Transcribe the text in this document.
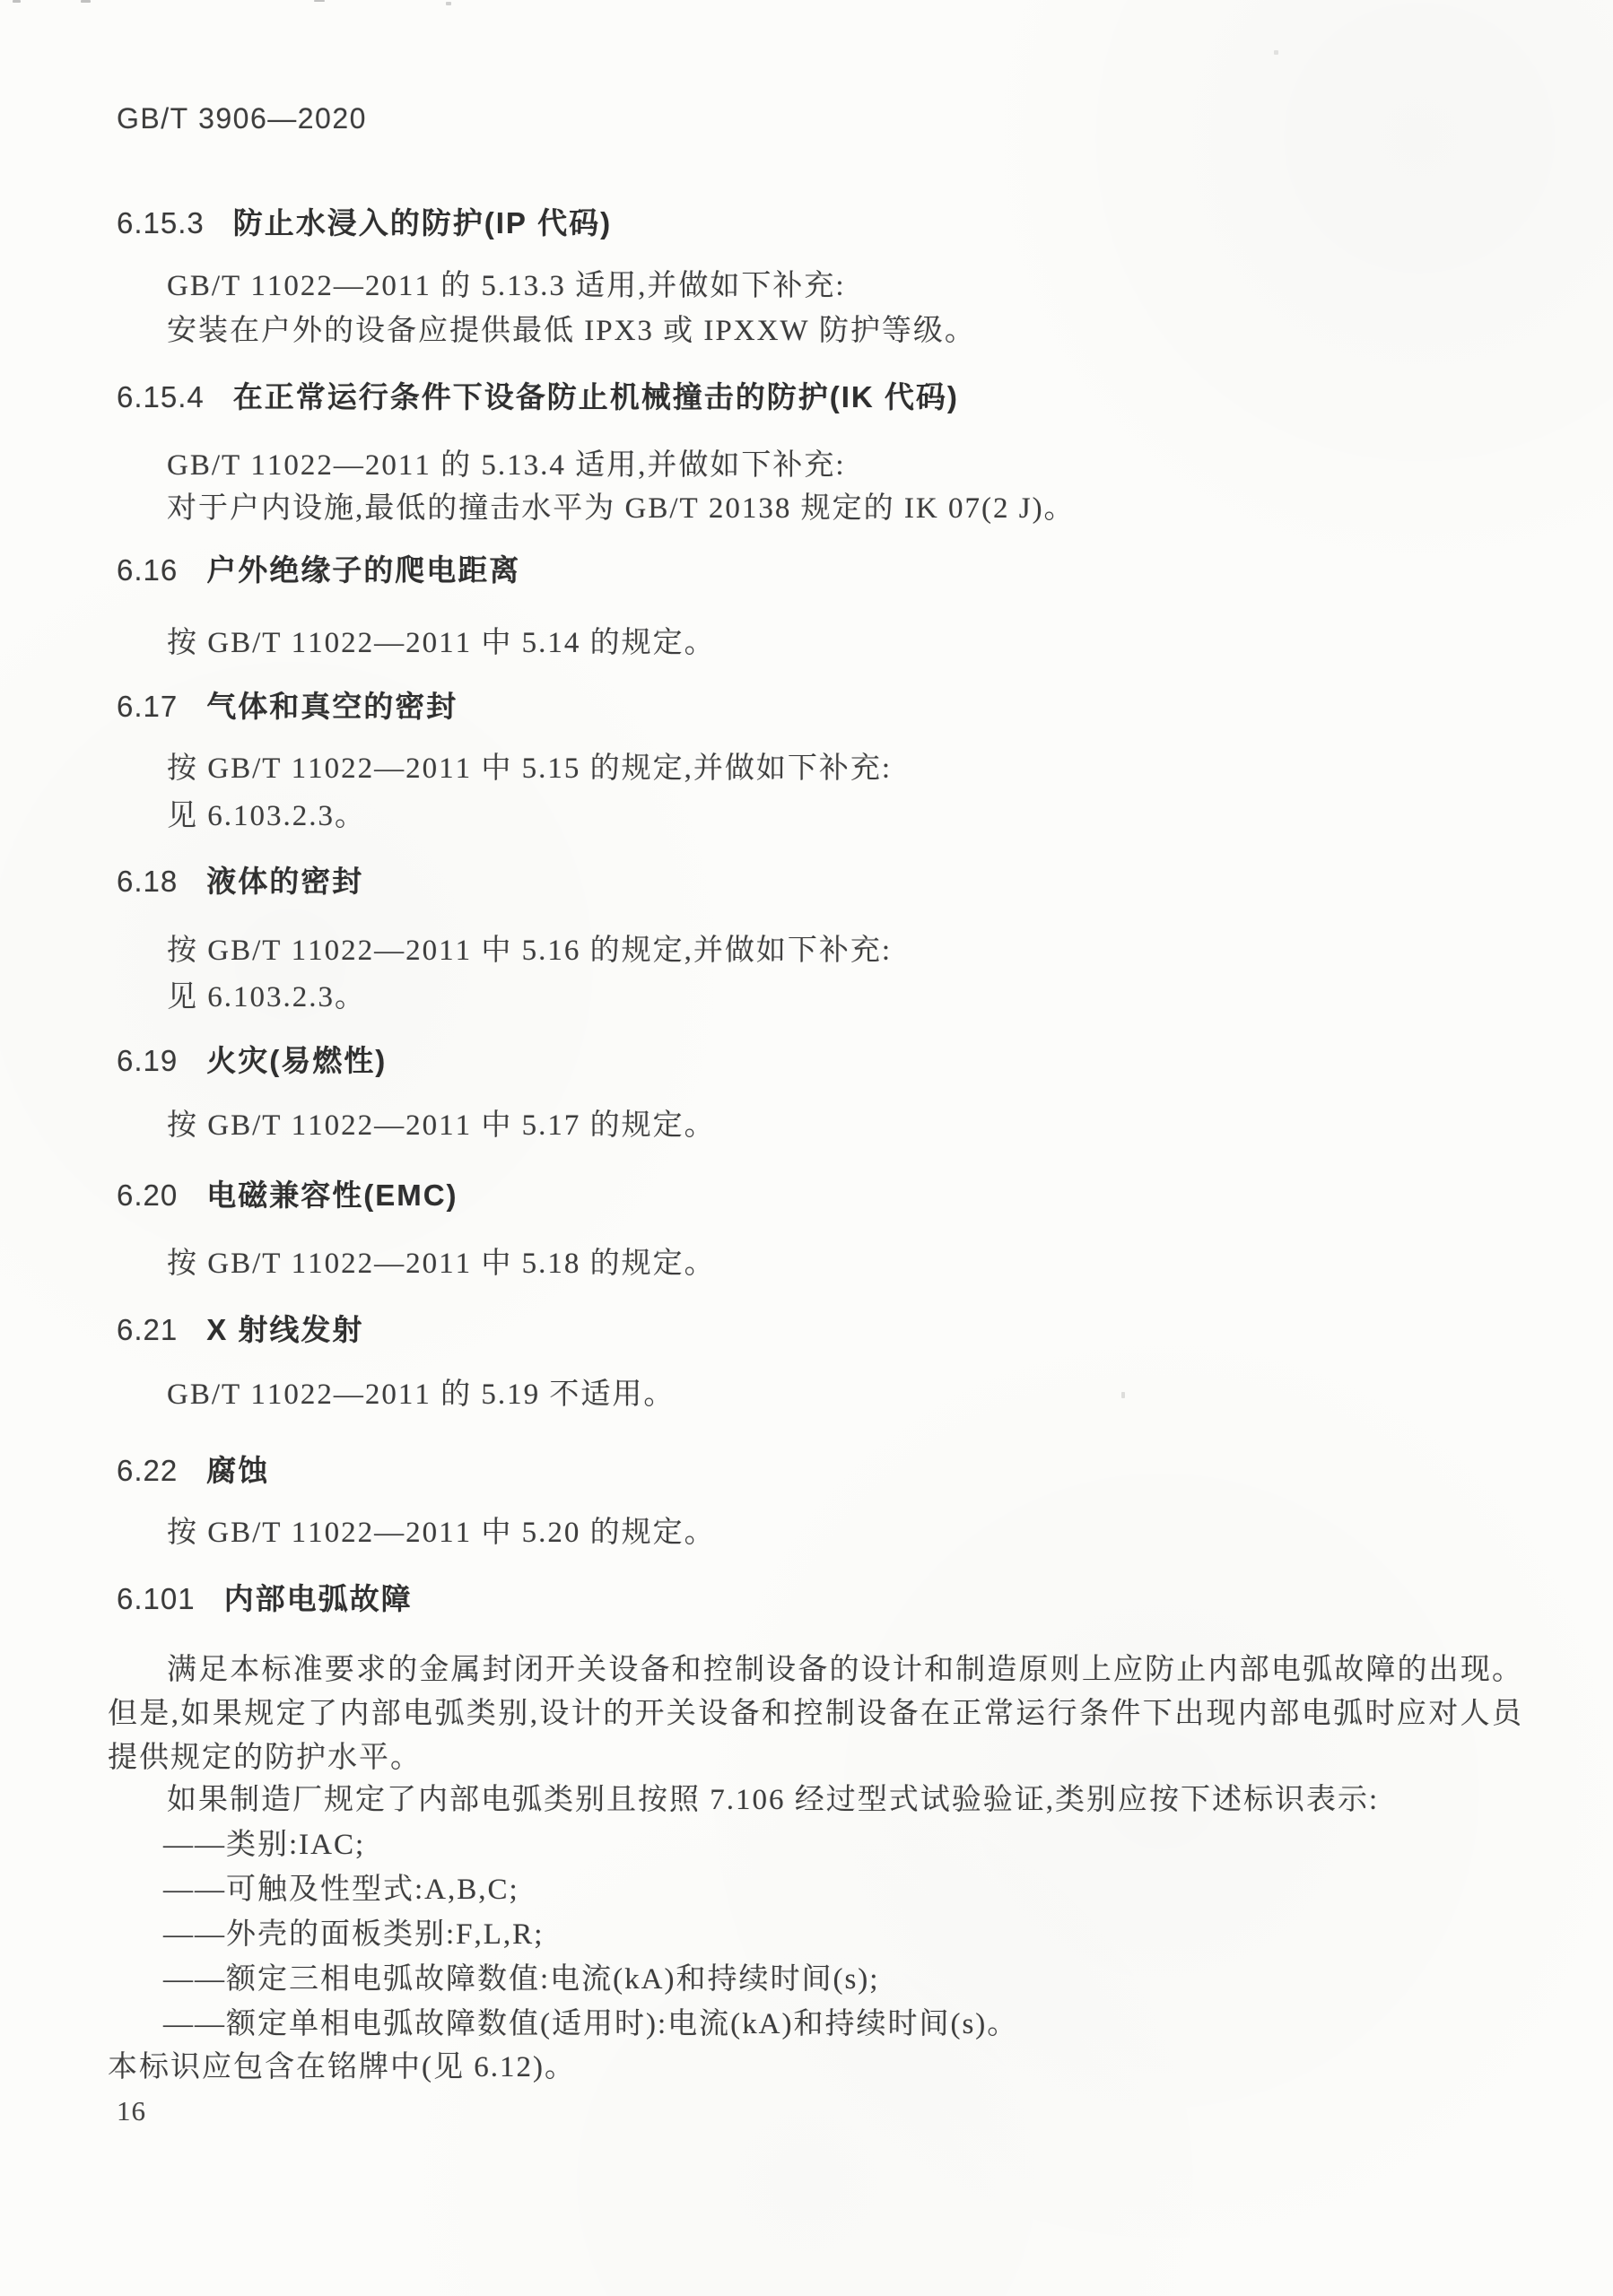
GB/T 3906—2020
6.15.3 防止水浸入的防护(IP 代码)
GB/T 11022—2011 的 5.13.3 适用,并做如下补充:
安装在户外的设备应提供最低 IPX3 或 IPXXW 防护等级。
6.15.4 在正常运行条件下设备防止机械撞击的防护(IK 代码)
GB/T 11022—2011 的 5.13.4 适用,并做如下补充:
对于户内设施,最低的撞击水平为 GB/T 20138 规定的 IK 07(2 J)。
6.16 户外绝缘子的爬电距离
按 GB/T 11022—2011 中 5.14 的规定。
6.17 气体和真空的密封
按 GB/T 11022—2011 中 5.15 的规定,并做如下补充:
见 6.103.2.3。
6.18 液体的密封
按 GB/T 11022—2011 中 5.16 的规定,并做如下补充:
见 6.103.2.3。
6.19 火灾(易燃性)
按 GB/T 11022—2011 中 5.17 的规定。
6.20 电磁兼容性(EMC)
按 GB/T 11022—2011 中 5.18 的规定。
6.21 X 射线发射
GB/T 11022—2011 的 5.19 不适用。
6.22 腐蚀
按 GB/T 11022—2011 中 5.20 的规定。
6.101 内部电弧故障
满足本标准要求的金属封闭开关设备和控制设备的设计和制造原则上应防止内部电弧故障的出现。但是,如果规定了内部电弧类别,设计的开关设备和控制设备在正常运行条件下出现内部电弧时应对人员提供规定的防护水平。
如果制造厂规定了内部电弧类别且按照 7.106 经过型式试验验证,类别应按下述标识表示:
——类别:IAC;
——可触及性型式:A,B,C;
——外壳的面板类别:F,L,R;
——额定三相电弧故障数值:电流(kA)和持续时间(s);
——额定单相电弧故障数值(适用时):电流(kA)和持续时间(s)。
本标识应包含在铭牌中(见 6.12)。
16
